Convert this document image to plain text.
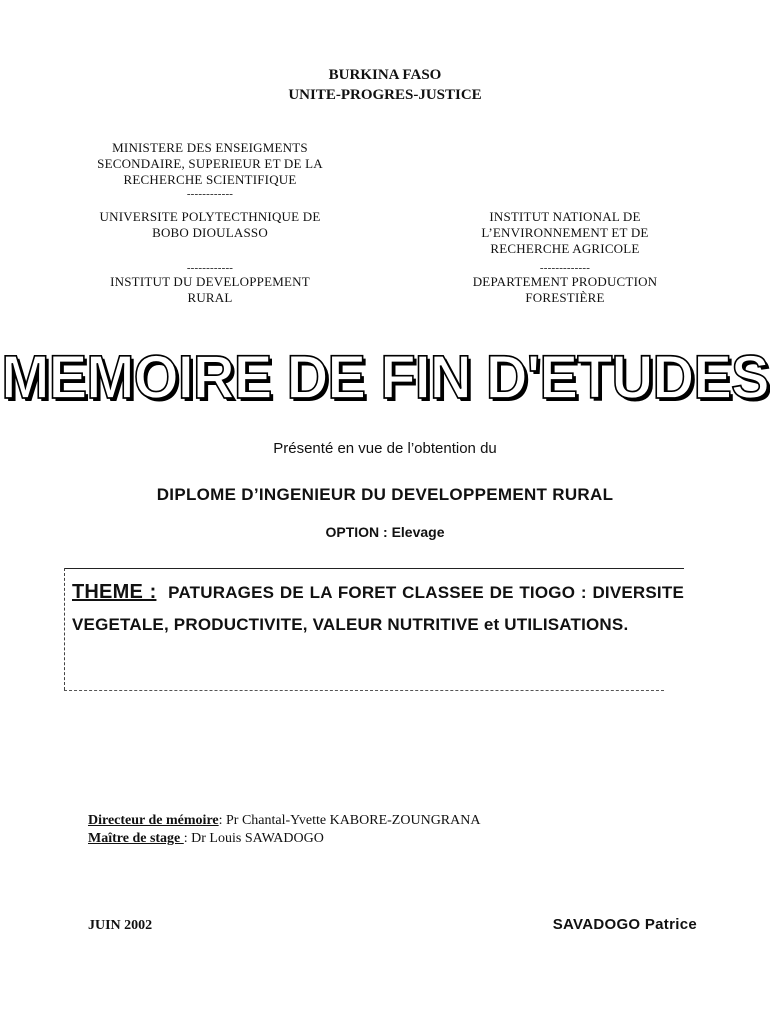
BURKINA FASO
UNITE-PROGRES-JUSTICE
MINISTERE DES ENSEIGMENTS
SECONDAIRE, SUPERIEUR ET DE LA
RECHERCHE SCIENTIFIQUE
------------
UNIVERSITE POLYTECTHNIQUE DE
BOBO DIOULASSO
------------
INSTITUT DU DEVELOPPEMENT
RURAL
INSTITUT NATIONAL DE
L’ENVIRONNEMENT ET DE
RECHERCHE AGRICOLE
-------------
DEPARTEMENT PRODUCTION
FORESTIÈRE
MEMOIRE DE FIN D'ETUDES
Présenté en vue de l’obtention du
DIPLOME D’INGENIEUR DU DEVELOPPEMENT RURAL
OPTION : Elevage
THEME : PATURAGES DE LA FORET CLASSEE DE TIOGO : DIVERSITE VEGETALE, PRODUCTIVITE, VALEUR NUTRITIVE et UTILISATIONS.
Directeur de mémoire: Pr Chantal-Yvette KABORE-ZOUNGRANA
Maître de stage : Dr Louis SAWADOGO
JUIN 2002	SAVADOGO Patrice
